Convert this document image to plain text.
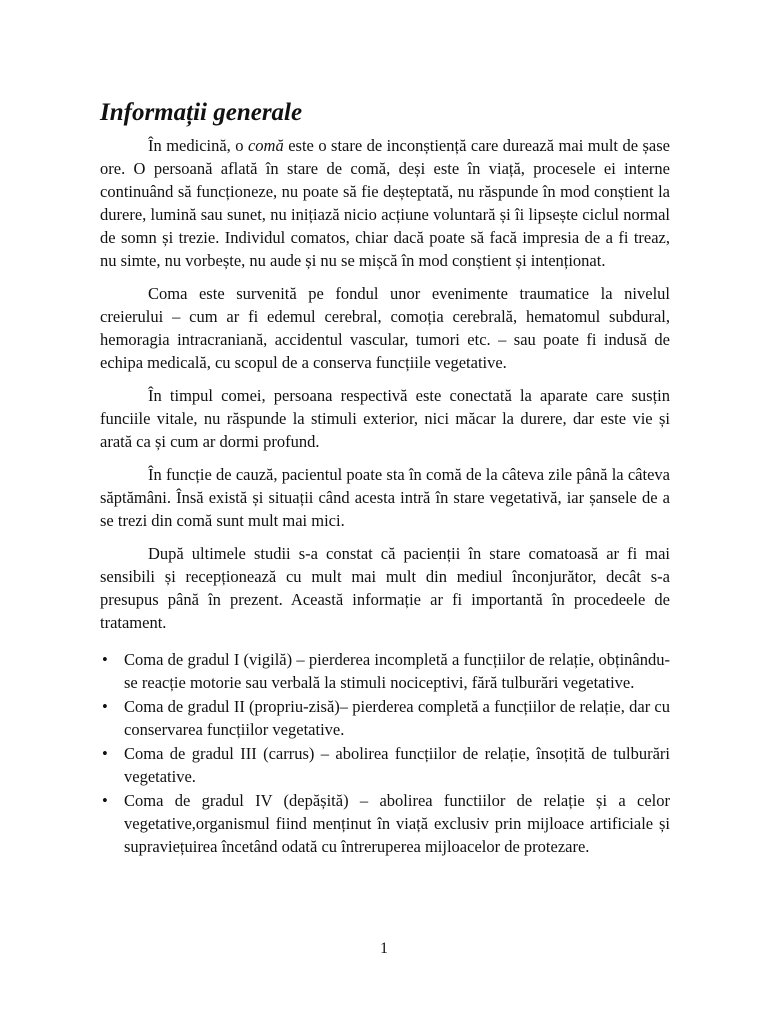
Informații generale

În medicină, o comă este o stare de inconștiență care durează mai mult de șase ore. O persoană aflată în stare de comă, deși este în viață, procesele ei interne continuând să funcționeze, nu poate să fie deșteptată, nu răspunde în mod conștient la durere, lumină sau sunet, nu inițiază nicio acțiune voluntară și îi lipsește ciclul normal de somn și trezie. Individul comatos, chiar dacă poate să facă impresia de a fi treaz, nu simte, nu vorbește, nu aude și nu se mișcă în mod conștient și intenționat.

Coma este survenită pe fondul unor evenimente traumatice la nivelul creierului – cum ar fi edemul cerebral, comoția cerebrală, hematomul subdural, hemoragia intracraniană, accidentul vascular, tumori etc. – sau poate fi indusă de echipa medicală, cu scopul de a conserva funcțiile vegetative.

În timpul comei, persoana respectivă este conectată la aparate care susțin funciile vitale, nu răspunde la stimuli exterior, nici măcar la durere, dar este vie și arată ca și cum ar dormi profund.

În funcție de cauză, pacientul poate sta în comă de la câteva zile până la câteva săptămâni. Însă există și situații când acesta intră în stare vegetativă, iar șansele de a se trezi din comă sunt mult mai mici.

După ultimele studii s-a constat că pacienții în stare comatoasă ar fi mai sensibili și recepționează cu mult mai mult din mediul înconjurător, decât s-a presupus până în prezent. Această informație ar fi importantă în procedeele de tratament.

• Coma de gradul I (vigilă) – pierderea incompletă a funcțiilor de relație, obținându-se reacție motorie sau verbală la stimuli nociceptivi, fără tulburări vegetative.
• Coma de gradul II (propriu-zisă)– pierderea completă a funcțiilor de relație, dar cu conservarea funcțiilor vegetative.
• Coma de gradul III (carrus) – abolirea funcțiilor de relație, însoțită de tulburări vegetative.
• Coma de gradul IV (depășită) – abolirea functiilor de relație și a celor vegetative,organismul fiind menținut în viață exclusiv prin mijloace artificiale și supraviețuirea încetând odată cu întreruperea mijloacelor de protezare.
1
